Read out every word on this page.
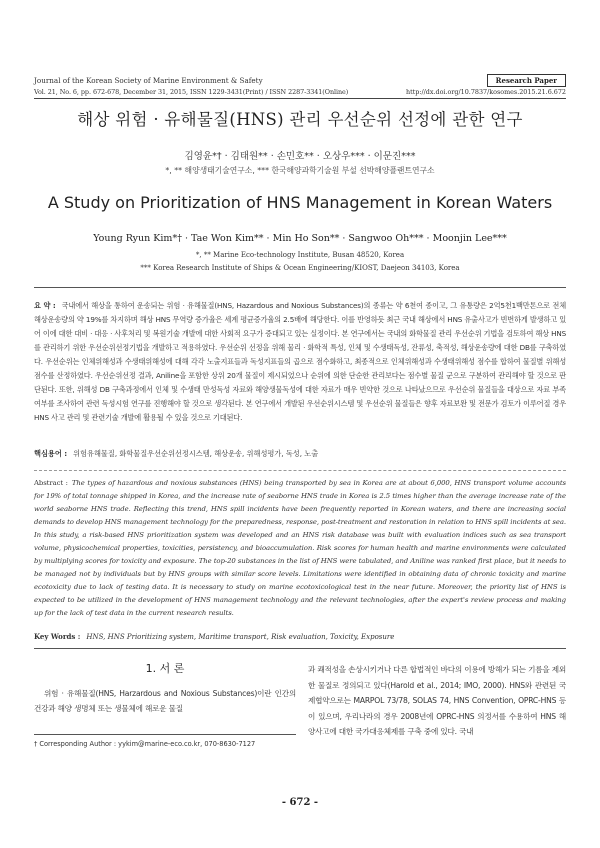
Journal of the Korean Society of Marine Environment & Safety	Research Paper
Vol. 21, No. 6, pp. 672-678, December 31, 2015, ISSN 1229-3431(Print) / ISSN 2287-3341(Online)	http://dx.doi.org/10.7837/kosomes.2015.21.6.672
해상 위험 · 유해물질(HNS) 관리 우선순위 선정에 관한 연구
김영윤*† · 김태원** · 손민호** · 오상우*** · 이문진***
*, ** 해양생태기술연구소, *** 한국해양과학기술원 부설 선박해양플랜트연구소
A Study on Prioritization of HNS Management in Korean Waters
Young Ryun Kim*† · Tae Won Kim** · Min Ho Son** · Sangwoo Oh*** · Moonjin Lee***
*, ** Marine Eco-technology Institute, Busan 48520, Korea
*** Korea Research Institute of Ships & Ocean Engineering/KIOST, Daejeon 34103, Korea
요 약 : 국내에서 해상을 통하여 운송되는 위험 · 유해물질(HNS, Hazardous and Noxious Substances)의 종류는 약 6천여 종이고, 그 유통량은 2억5천1백만톤으로 전체 해상운송량의 약 19%를 차지하며 해상 HNS 무역량 증가율은 세계 평균증가율의 2.5배에 해당한다. 이를 반영하듯 최근 국내 해상에서 HNS 유출사고가 빈번하게 발생하고 있어 이에 대한 대비 · 대응 · 사후처리 및 복원기술 개발에 대한 사회적 요구가 증대되고 있는 실정이다. 본 연구에서는 국내의 화학물질 관리 우선순위 기법을 검토하여 해상 HNS를 관리하기 위한 우선순위선정기법을 개발하고 적용하였다. 우선순위 선정을 위해 물리 · 화학적 특성, 인체 및 수생태독성, 잔류성, 축적성, 해상운송량에 대한 DB를 구축하였다. 우선순위는 인체위해성과 수생태위해성에 대해 각각 노출지표들과 독성지표들의 곱으로 점수화하고, 최종적으로 인체위해성과 수생태위해성 점수를 합하여 물질별 위해성 점수를 산정하였다. 우선순위선정 결과, Aniline을 포함한 상위 20개 물질이 제시되었으나 순위에 의한 단순한 관리보다는 점수별 물질 군으로 구분하여 관리해야 할 것으로 판단된다. 또한, 위해성 DB 구축과정에서 인체 및 수생태 만성독성 자료와 해양생물독성에 대한 자료가 매우 빈약한 것으로 나타났으므로 우선순위 물질들을 대상으로 자료 부족여부를 조사하여 관련 독성시험 연구를 진행해야 할 것으로 생각된다. 본 연구에서 개발된 우선순위시스템 및 우선순위 물질들은 향후 자료보완 및 전문가 검토가 이루어질 경우 HNS 사고 관리 및 관련기술 개발에 활용될 수 있을 것으로 기대된다.
핵심용어 : 위험유해물질, 화학물질우선순위선정시스템, 해상운송, 위해성평가, 독성, 노출
Abstract : The types of hazardous and noxious substances (HNS) being transported by sea in Korea are at about 6,000, HNS transport volume accounts for 19% of total tonnage shipped in Korea, and the increase rate of seaborne HNS trade in Korea is 2.5 times higher than the average increase rate of the world seaborne HNS trade. Reflecting this trend, HNS spill incidents have been frequently reported in Korean waters, and there are increasing social demands to develop HNS management technology for the preparedness, response, post-treatment and restoration in relation to HNS spill incidents at sea. In this study, a risk-based HNS prioritization system was developed and an HNS risk database was built with evaluation indices such as sea transport volume, physicochemical properties, toxicities, persistency, and bioaccumulation. Risk scores for human health and marine environments were calculated by multiplying scores for toxicity and exposure. The top-20 substances in the list of HNS were tabulated, and Aniline was ranked first place, but it needs to be managed not by individuals but by HNS groups with similar score levels. Limitations were identified in obtaining data of chronic toxicity and marine ecotoxicity due to lack of testing data. It is necessary to study on marine ecotoxicological test in the near future. Moreover, the priority list of HNS is expected to be utilized in the development of HNS management technology and the relevant technologies, after the expert's review process and making up for the lack of test data in the current research results.
Key Words : HNS, HNS Prioritizing system, Maritime transport, Risk evaluation, Toxicity, Exposure
1. 서 론
위험 · 유해물질(HNS, Harzardous and Noxious Substances)이란 인간의 건강과 해양 생명체 또는 생물체에 해로운 물질
과 쾌적성을 손상시키거나 다른 합법적인 바다의 이용에 방해가 되는 기름을 제외한 물질로 정의되고 있다(Harold et al., 2014; IMO, 2000). HNS와 관련된 국제협약으로는 MARPOL 73/78, SOLAS 74, HNS Convention, OPRC-HNS 등이 있으며, 우리나라의 경우 2008년에 OPRC-HNS 의정서를 수용하여 HNS 해양사고에 대한 국가대응체제를 구축 중에 있다. 국내
† Corresponding Author : yykim@marine-eco.co.kr, 070-8630-7127
- 672 -
